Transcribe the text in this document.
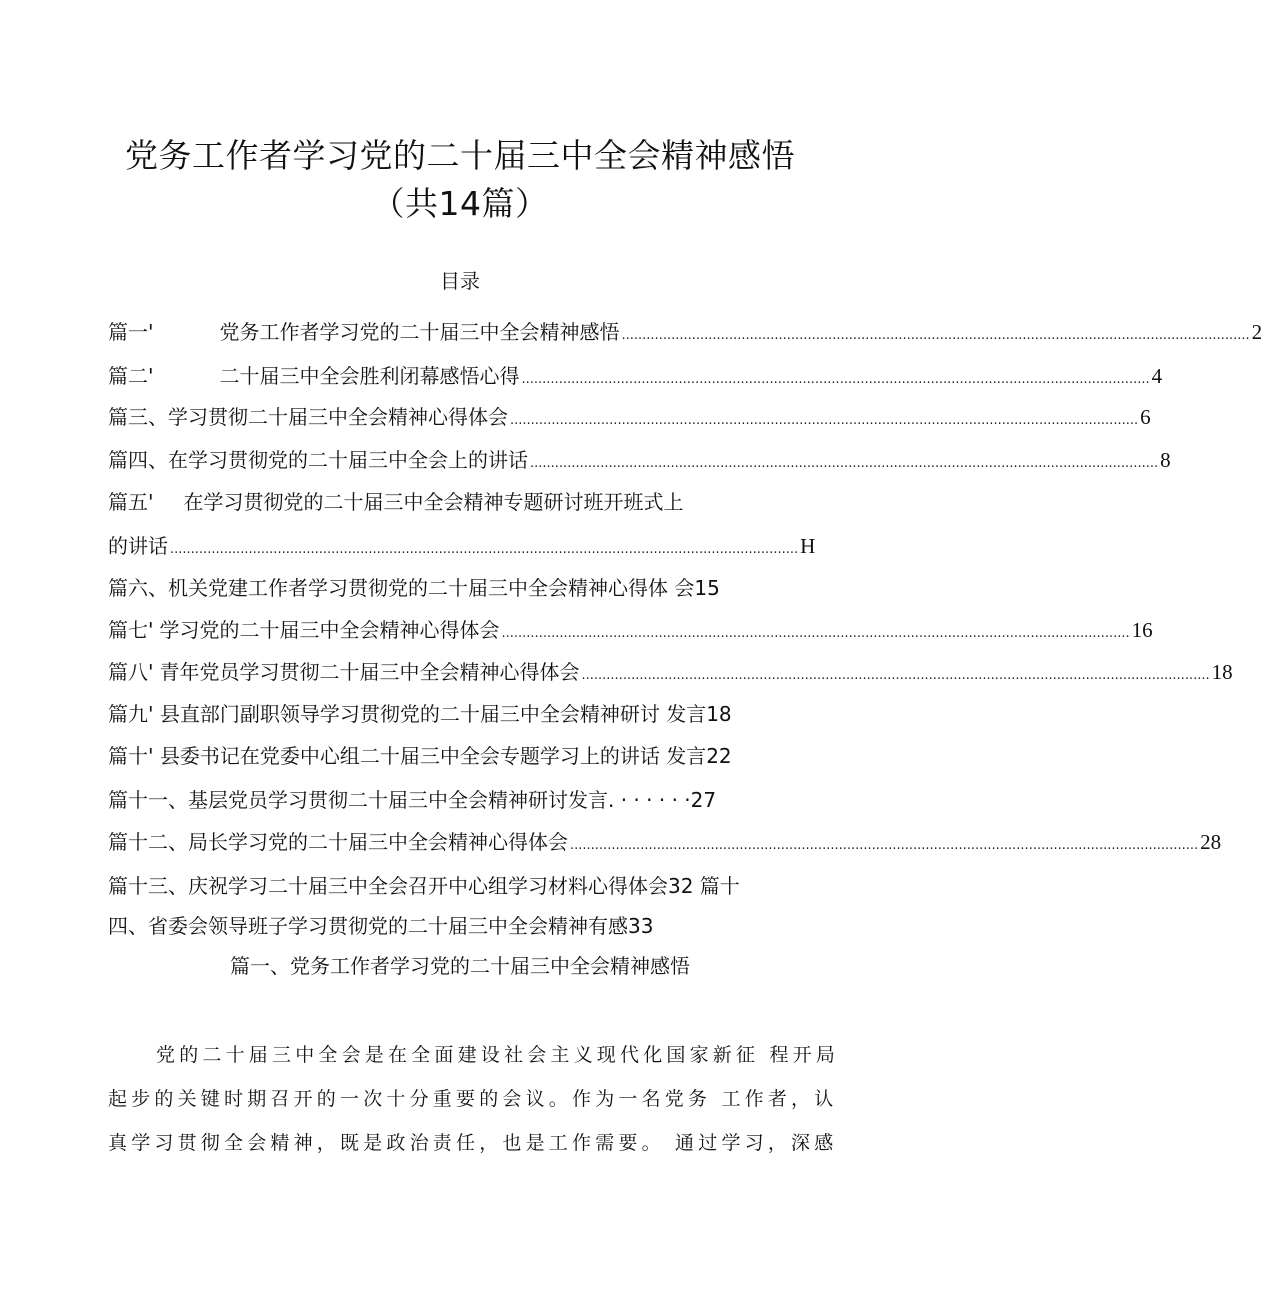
党务工作者学习党的二十届三中全会精神感悟
（共14篇）
目录
篇一'	党务工作者学习党的二十届三中全会精神感悟 ........................................................................................................................................................ 2
篇二'	二十届三中全会胜利闭幕感悟心得 ........................................................................................................................................................ 4
篇三、 学习贯彻二十届三中全会精神心得体会 ........................................................................................................................................................ 6
篇四、 在学习贯彻党的二十届三中全会上的讲话 ........................................................................................................................................................ 8
篇五' 在学习贯彻党的二十届三中全会精神专题研讨班开班式上
的讲话 ........................................................................................................................................................ H
篇六、机关党建工作者学习贯彻党的二十届三中全会精神心得体 会15
篇七' 学习党的二十届三中全会精神心得体会 ........................................................................................................................................................ 16
篇八' 青年党员学习贯彻二十届三中全会精神心得体会 ........................................................................................................................................................ 18
篇九' 县直部门副职领导学习贯彻党的二十届三中全会精神研讨 发言18
篇十' 县委书记在党委中心组二十届三中全会专题学习上的讲话 发言22
篇十一、基层党员学习贯彻二十届三中全会精神研讨发言. · · · · · ·27
篇十二、 局长学习党的二十届三中全会精神心得体会 ........................................................................................................................................................ 28
篇十三、庆祝学习二十届三中全会召开中心组学习材料心得体会32 篇十
四、省委会领导班子学习贯彻党的二十届三中全会精神有感33
篇一、党务工作者学习党的二十届三中全会精神感悟
党的二十届三中全会是在全面建设社会主义现代化国家新征 程开局
起步的关键时期召开的一次十分重要的会议。作为一名党务 工作者，认
真学习贯彻全会精神，既是政治责任，也是工作需要。 通过学习，深感
